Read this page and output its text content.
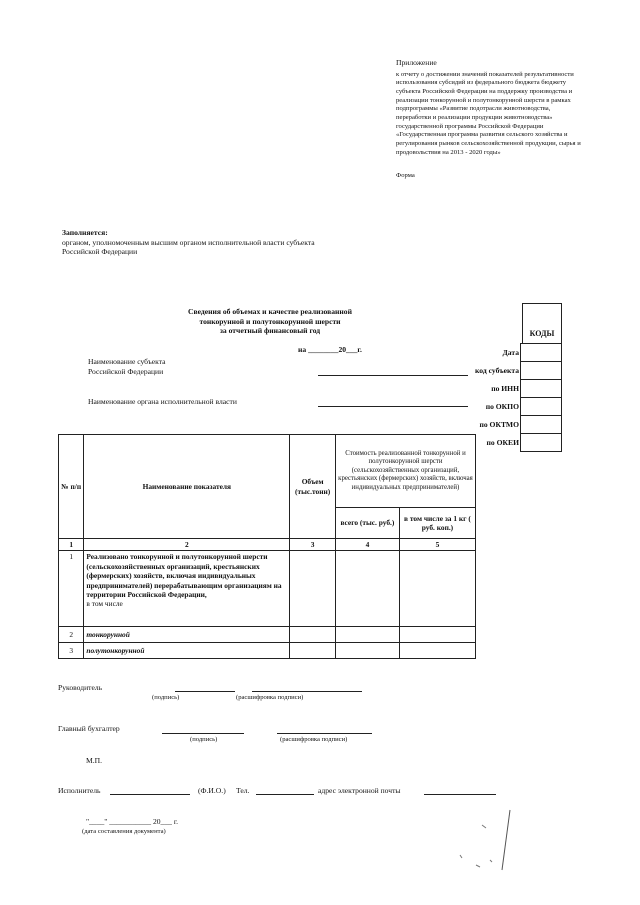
Приложение
к отчету о достижении значений показателей результативности использования субсидий из федерального бюджета бюджету субъекта Российской Федерации на поддержку производства и реализации тонкорунной и полутонкорунной шерсти в рамках подпрограммы «Развитие подотрасли животноводства, переработки и реализации продукции животноводства» государственной программы Российской Федерации «Государственная программа развития сельского хозяйства и регулирования рынков сельскохозяйственной продукции, сырья и продовольствия на 2013 - 2020 годы»
Форма
Заполняется:
органом, уполномоченным высшим органом исполнительной власти субъекта Российской Федерации
Сведения об объемах и качестве реализованной
тонкорунной и полутонкорунной шерсти
за отчетный финансовый год
на ________20___г.
КОДЫ
Дата	
код субъекта	
по ИНН	
по ОКПО	
по ОКТМО	
по ОКЕИ	
Наименование субъекта Российской Федерации
Наименование органа исполнительной власти
№ п/п	Наименование показателя	Объем (тыс.тонн)	Стоимость реализованной тонкорунной и полутонкорунной шерсти (сельскохозяйственных организаций, крестьянских (фермерских) хозяйств, включая индивидуальных предпринимателей)	
			всего (тыс. руб.)	в том числе за 1 кг ( руб. коп.)
1	2	3	4	5
1	Реализовано тонкорунной и полутонкорунной шерсти (сельскохозяйственных организаций, крестьянских (фермерских) хозяйств, включая индивидуальных предпринимателей) перерабатывающим организациям на территории Российской Федерации,
в том числе			
2	тонкорунной			
3	полутонкорунной			
Руководитель
(подпись)	(расшифровка подписи)
Главный бухгалтер
(подпись)	(расшифровка подписи)
М.П.
Исполнитель	(Ф.И.О.) Тел.	адрес электронной почты
"____" ___________ 20___ г.
(дата составления документа)
